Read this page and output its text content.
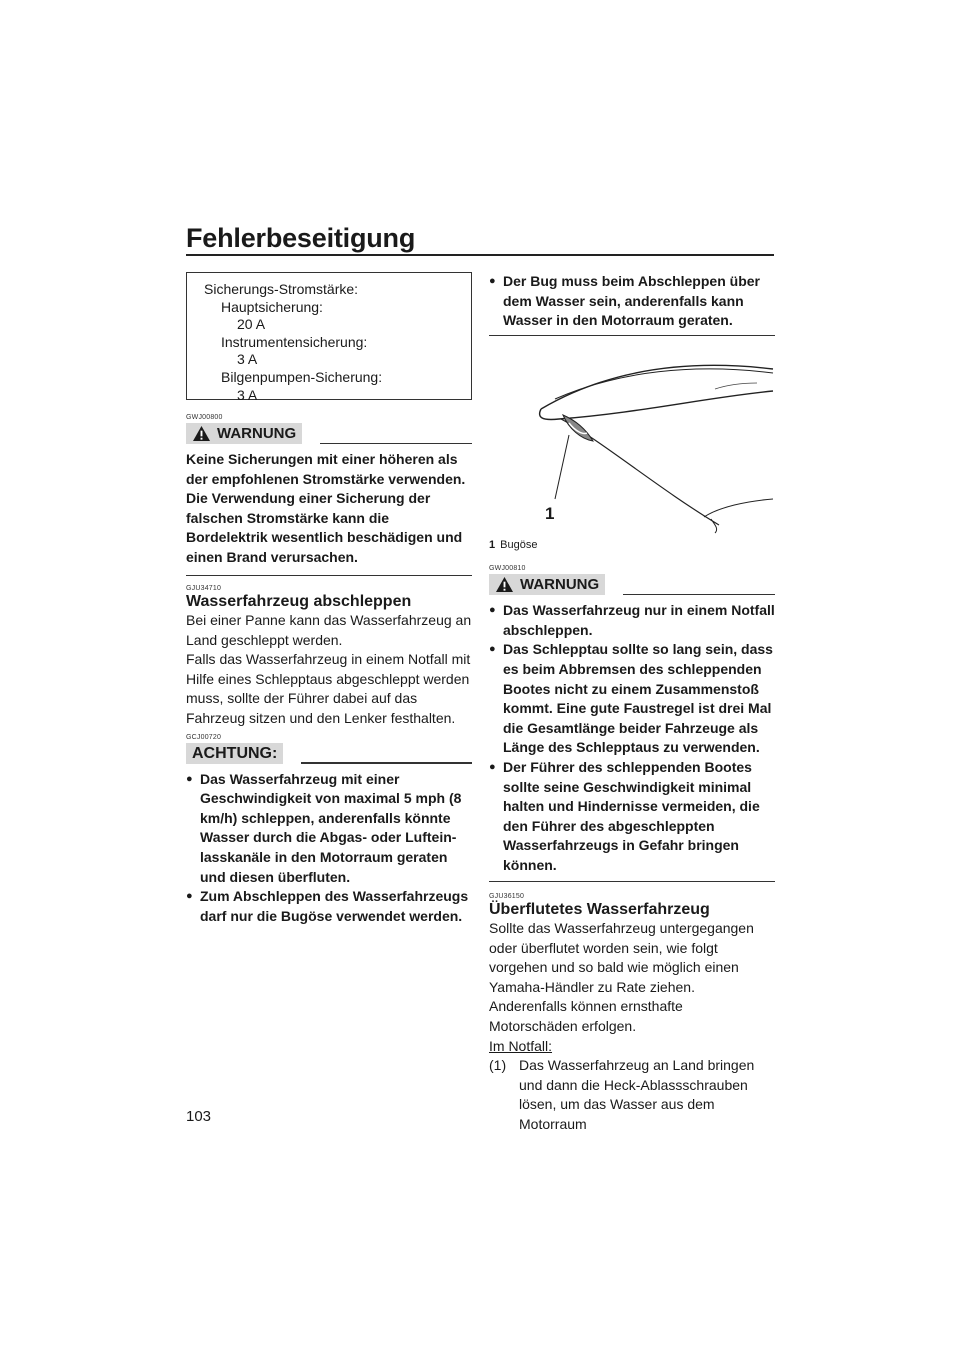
Fehlerbeseitigung
Sicherungs-Stromstärke:
Hauptsicherung:
20 A
Instrumentensicherung:
3 A
Bilgenpumpen-Sicherung:
3 A
GWJ00800
WARNUNG
Keine Sicherungen mit einer höheren als der empfohlenen Stromstärke verwenden. Die Verwendung einer Sicherung der falschen Stromstärke kann die Bordelektrik wesentlich beschädigen und einen Brand verursachen.
GJU34710
Wasserfahrzeug abschleppen
Bei einer Panne kann das Wasserfahrzeug an Land geschleppt werden.
Falls das Wasserfahrzeug in einem Notfall mit Hilfe eines Schlepptaus abgeschleppt werden muss, sollte der Führer dabei auf das Fahrzeug sitzen und den Lenker festhalten.
GCJ00720
ACHTUNG:
● Das Wasserfahrzeug mit einer Geschwindigkeit von maximal 5 mph (8 km/h) schleppen, anderenfalls könnte Wasser durch die Abgas- oder Luftein-lasskanäle in den Motorraum geraten und diesen überfluten.
● Zum Abschleppen des Wasserfahrzeugs darf nur die Bugöse verwendet werden.
● Der Bug muss beim Abschleppen über dem Wasser sein, anderenfalls kann Wasser in den Motorraum geraten.
1
1 Bugöse
GWJ00810
WARNUNG
● Das Wasserfahrzeug nur in einem Notfall abschleppen.
● Das Schlepptau sollte so lang sein, dass es beim Abbremsen des schleppenden Bootes nicht zu einem Zusammenstoß kommt. Eine gute Faustregel ist drei Mal die Gesamtlänge beider Fahrzeuge als Länge des Schlepptaus zu verwenden.
● Der Führer des schleppenden Bootes sollte seine Geschwindigkeit minimal halten und Hindernisse vermeiden, die den Führer des abgeschleppten Wasserfahrzeugs in Gefahr bringen können.
GJU36150
Überflutetes Wasserfahrzeug
Sollte das Wasserfahrzeug untergegangen oder überflutet worden sein, wie folgt vorgehen und so bald wie möglich einen Yamaha-Händler zu Rate ziehen. Anderenfalls können ernsthafte Motorschäden erfolgen.
Im Notfall:
(1) Das Wasserfahrzeug an Land bringen und dann die Heck-Ablassschrauben lösen, um das Wasser aus dem Motorraum
103
